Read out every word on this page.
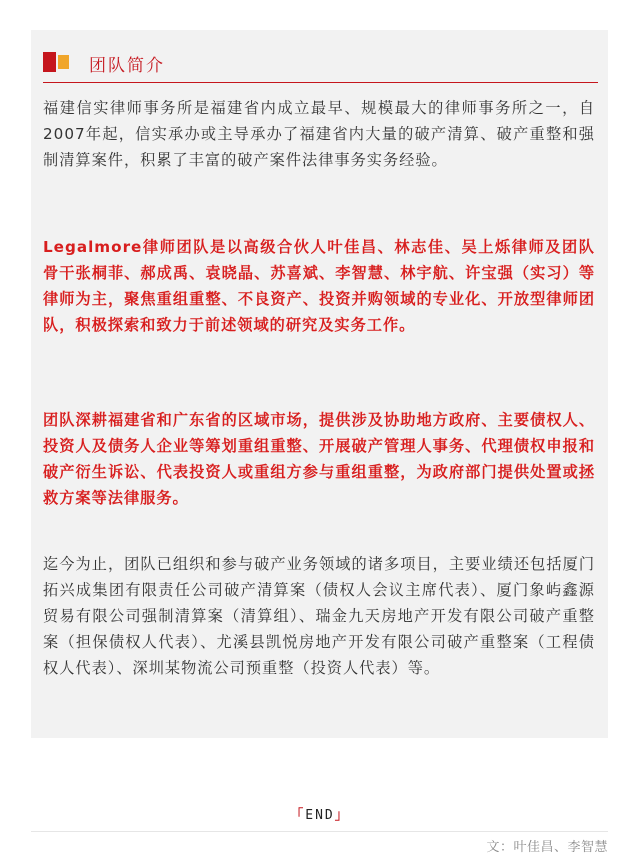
团队简介

福建信实律师事务所是福建省内成立最早、规模最大的律师事务所之一，自2007年起，信实承办或主导承办了福建省内大量的破产清算、破产重整和强制清算案件，积累了丰富的破产案件法律事务实务经验。

Legalmore律师团队是以高级合伙人叶佳昌、林志佳、吴上烁律师及团队骨干张桐菲、郝成禹、袁晓晶、苏喜斌、李智慧、林宇航、许宝强（实习）等律师为主，聚焦重组重整、不良资产、投资并购领域的专业化、开放型律师团队，积极探索和致力于前述领域的研究及实务工作。

团队深耕福建省和广东省的区域市场，提供涉及协助地方政府、主要债权人、投资人及债务人企业等筹划重组重整、开展破产管理人事务、代理债权申报和破产衍生诉讼、代表投资人或重组方参与重组重整，为政府部门提供处置或拯救方案等法律服务。

迄今为止，团队已组织和参与破产业务领域的诸多项目，主要业绩还包括厦门拓兴成集团有限责任公司破产清算案（债权人会议主席代表）、厦门象屿鑫源贸易有限公司强制清算案（清算组）、瑞金九天房地产开发有限公司破产重整案（担保债权人代表）、尤溪县凯悦房地产开发有限公司破产重整案（工程债权人代表）、深圳某物流公司预重整（投资人代表）等。

「END」
文：叶佳昌、李智慧
